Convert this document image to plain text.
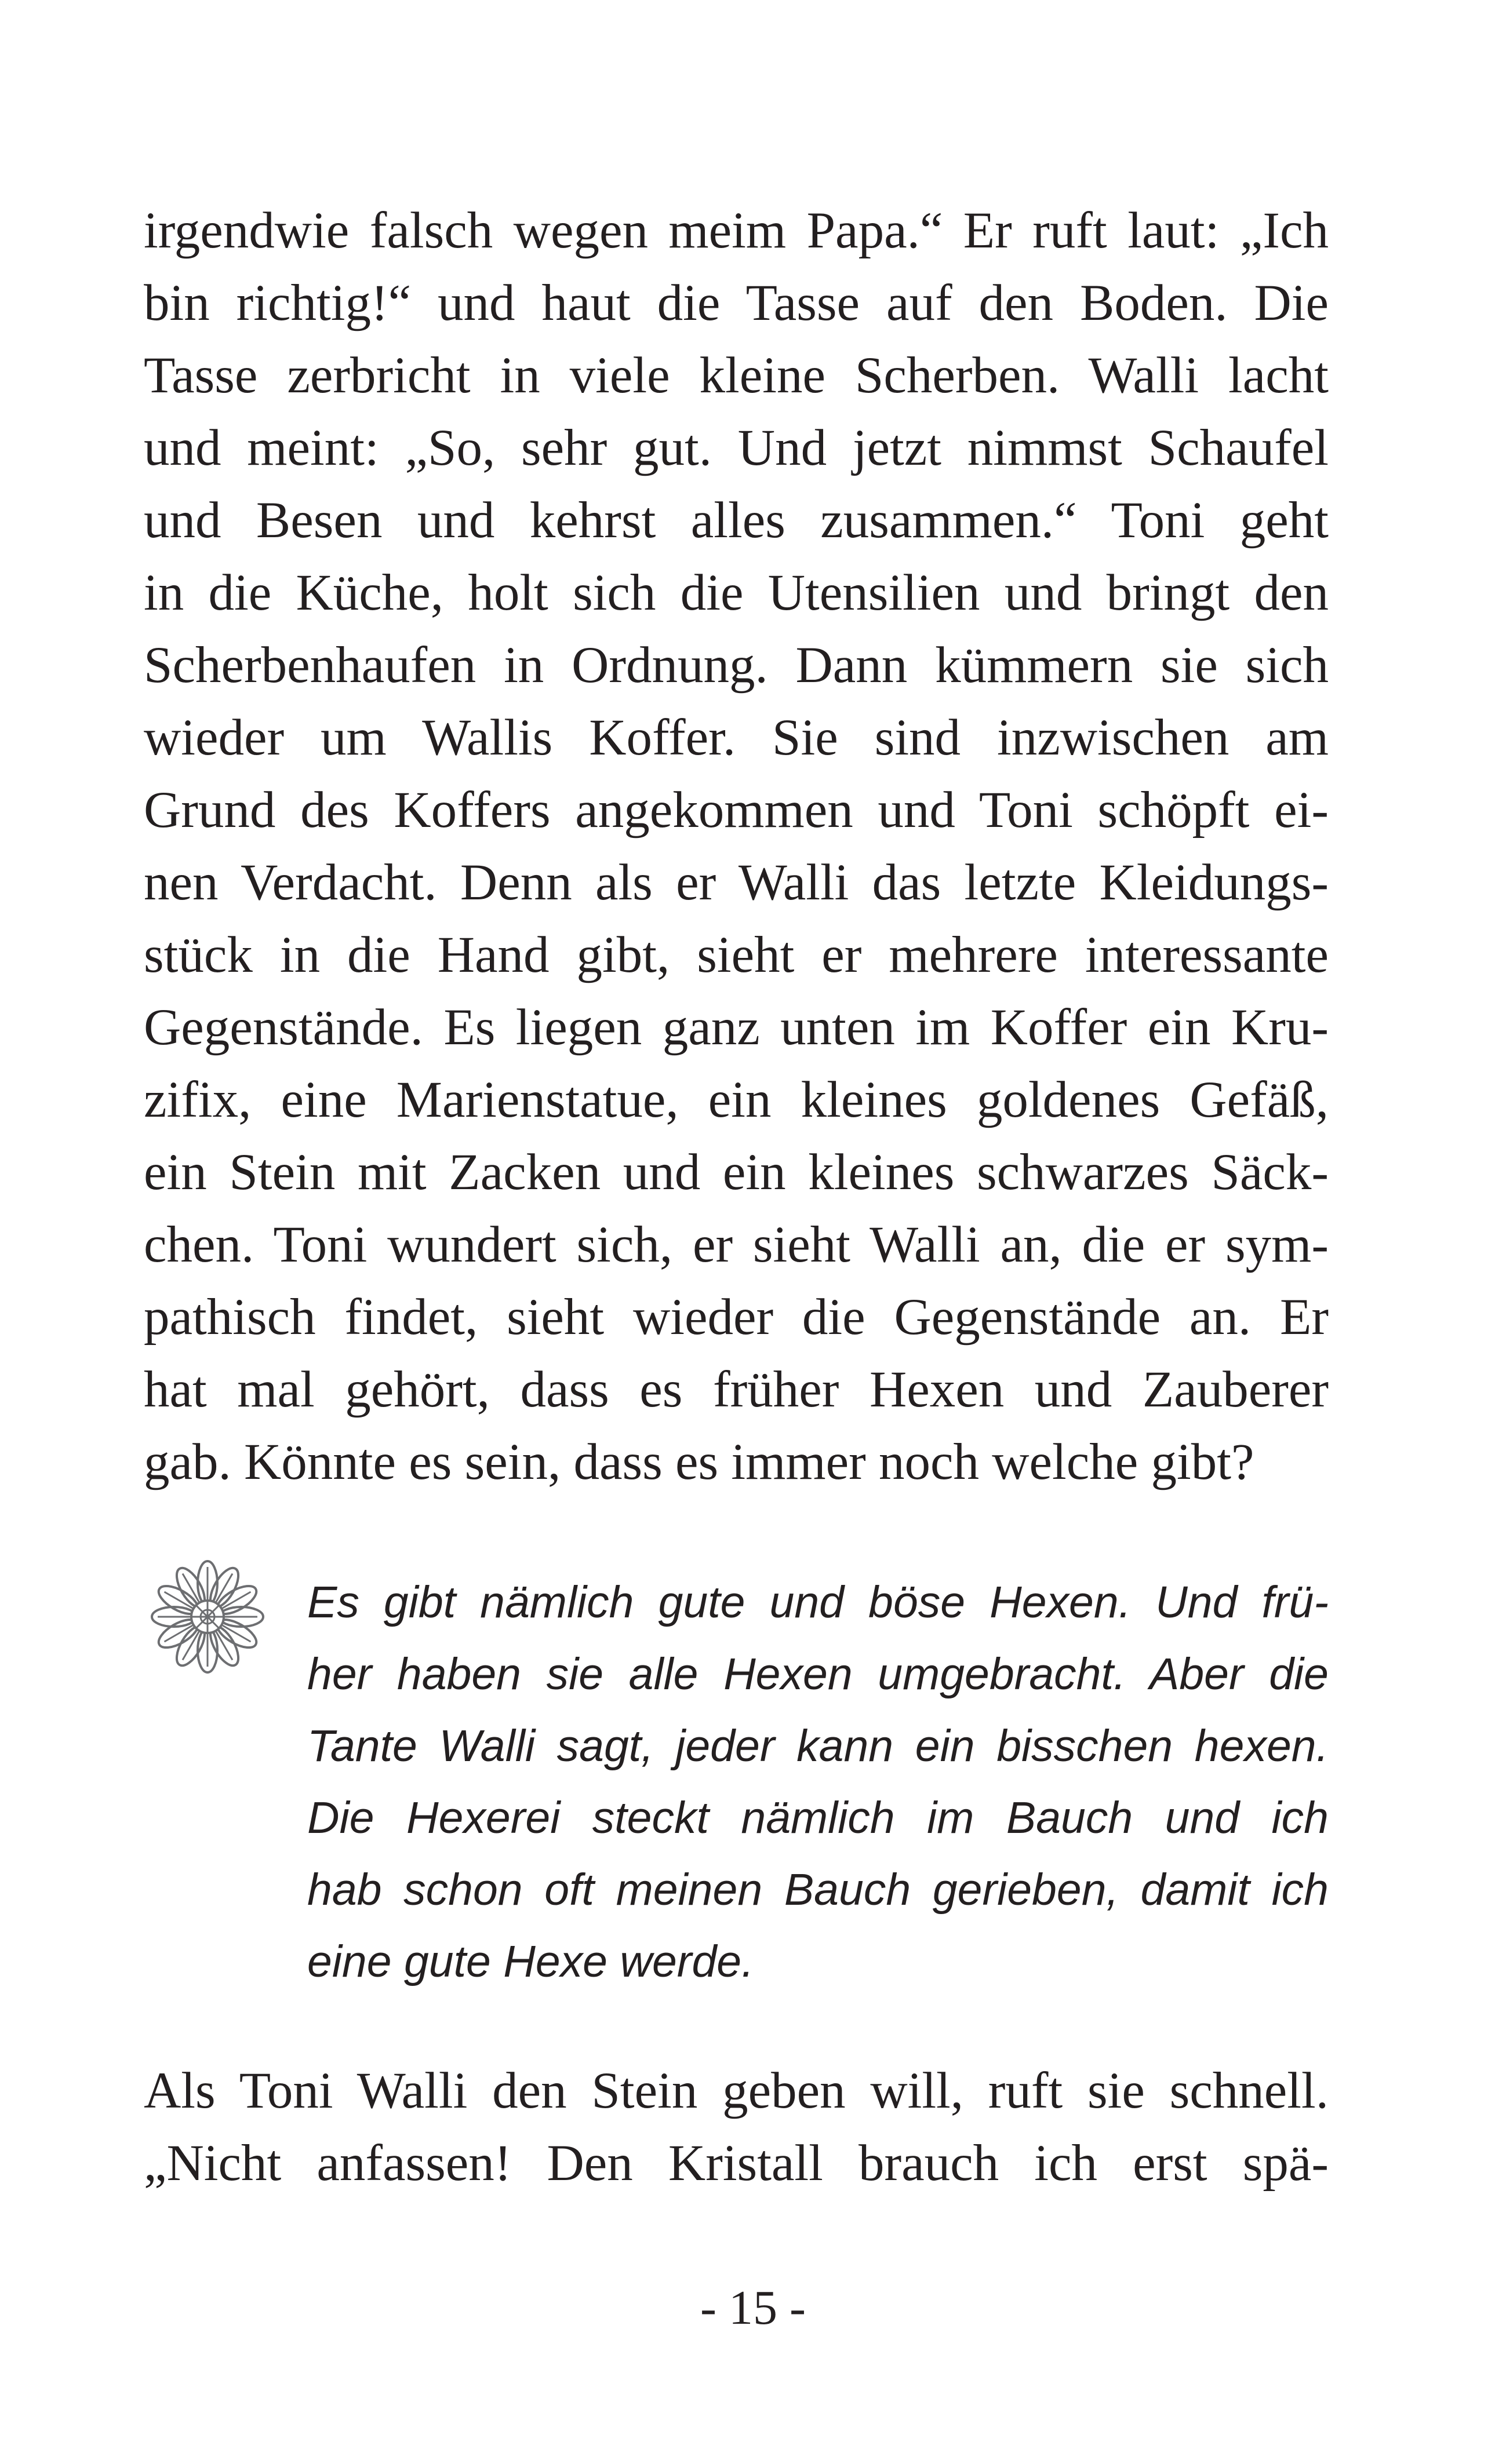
irgendwie falsch wegen meim Papa.“ Er ruft laut: „Ich
bin richtig!“ und haut die Tasse auf den Boden. Die
Tasse zerbricht in viele kleine Scherben. Walli lacht
und meint: „So, sehr gut. Und jetzt nimmst Schaufel
und Besen und kehrst alles zusammen.“ Toni geht
in die Küche, holt sich die Utensilien und bringt den
Scherbenhaufen in Ordnung. Dann kümmern sie sich
wieder um Wallis Koffer. Sie sind inzwischen am
Grund des Koffers angekommen und Toni schöpft ei-
nen Verdacht. Denn als er Walli das letzte Kleidungs-
stück in die Hand gibt, sieht er mehrere interessante
Gegenstände. Es liegen ganz unten im Koffer ein Kru-
zifix, eine Marienstatue, ein kleines goldenes Gefäß,
ein Stein mit Zacken und ein kleines schwarzes Säck-
chen. Toni wundert sich, er sieht Walli an, die er sym-
pathisch findet, sieht wieder die Gegenstände an. Er
hat mal gehört, dass es früher Hexen und Zauberer
gab. Könnte es sein, dass es immer noch welche gibt?
Es gibt nämlich gute und böse Hexen. Und frü-
her haben sie alle Hexen umgebracht. Aber die
Tante Walli sagt, jeder kann ein bisschen hexen.
Die Hexerei steckt nämlich im Bauch und ich
hab schon oft meinen Bauch gerieben, damit ich
eine gute Hexe werde.
Als Toni Walli den Stein geben will, ruft sie schnell.
„Nicht anfassen! Den Kristall brauch ich erst spä-
- 15 -
